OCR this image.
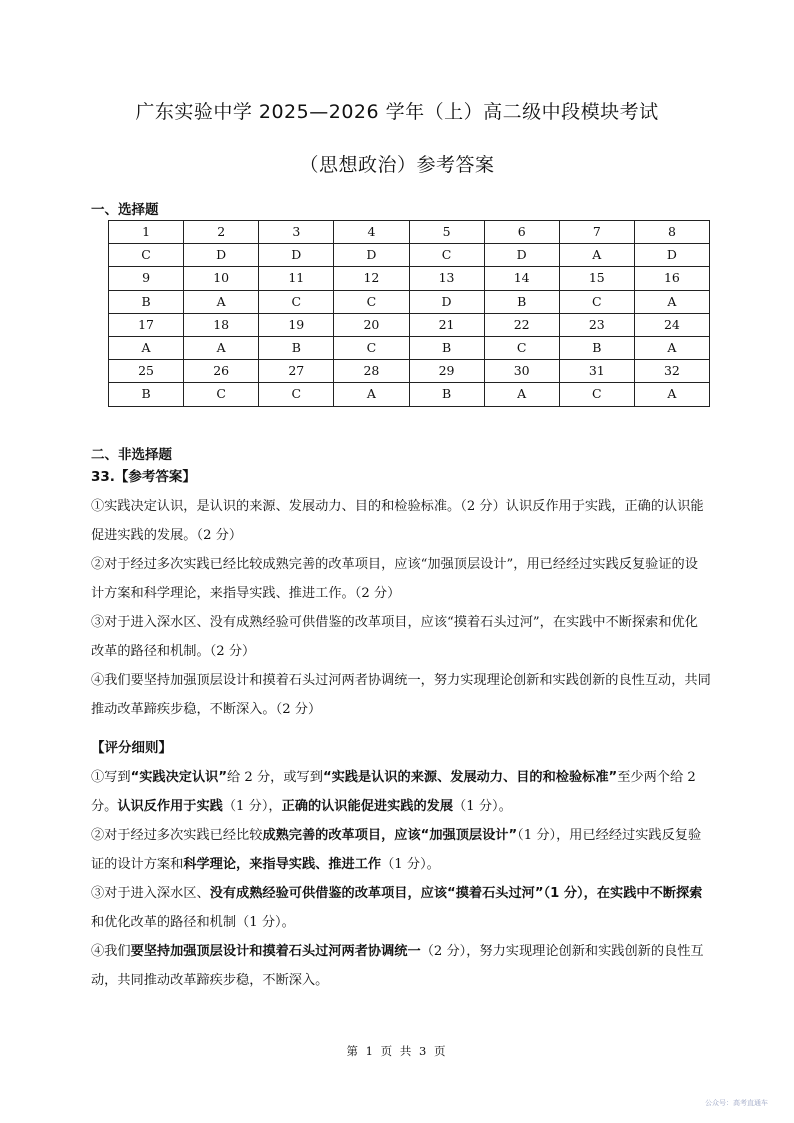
广东实验中学 2025—2026 学年（上）高二级中段模块考试
（思想政治）参考答案
一、选择题
1	2	3	4	5	6	7	8
C	D	D	D	C	D	A	D
9	10	11	12	13	14	15	16
B	A	C	C	D	B	C	A
17	18	19	20	21	22	23	24
A	A	B	C	B	C	B	A
25	26	27	28	29	30	31	32
B	C	C	A	B	A	C	A
二、非选择题

33.【参考答案】

①实践决定认识，是认识的来源、发展动力、目的和检验标准。（2 分）认识反作用于实践，正确的认识能促进实践的发展。（2 分）

②对于经过多次实践已经比较成熟完善的改革项目，应该“加强顶层设计”，用已经经过实践反复验证的设计方案和科学理论，来指导实践、推进工作。（2 分）

③对于进入深水区、没有成熟经验可供借鉴的改革项目，应该“摸着石头过河”，在实践中不断探索和优化改革的路径和机制。（2 分）

④我们要坚持加强顶层设计和摸着石头过河两者协调统一，努力实现理论创新和实践创新的良性互动，共同推动改革蹄疾步稳，不断深入。（2 分）

【评分细则】

①写到“实践决定认识”给 2 分，或写到“实践是认识的来源、发展动力、目的和检验标准”至少两个给 2 分。认识反作用于实践（1 分），正确的认识能促进实践的发展（1 分）。

②对于经过多次实践已经比较成熟完善的改革项目，应该“加强顶层设计”（1 分），用已经经过实践反复验证的设计方案和科学理论，来指导实践、推进工作（1 分）。

③对于进入深水区、没有成熟经验可供借鉴的改革项目，应该“摸着石头过河”（1 分），在实践中不断探索和优化改革的路径和机制（1 分）。

④我们要坚持加强顶层设计和摸着石头过河两者协调统一（2 分），努力实现理论创新和实践创新的良性互动，共同推动改革蹄疾步稳，不断深入。

第 1 页 共 3 页
公众号：高考直通车
